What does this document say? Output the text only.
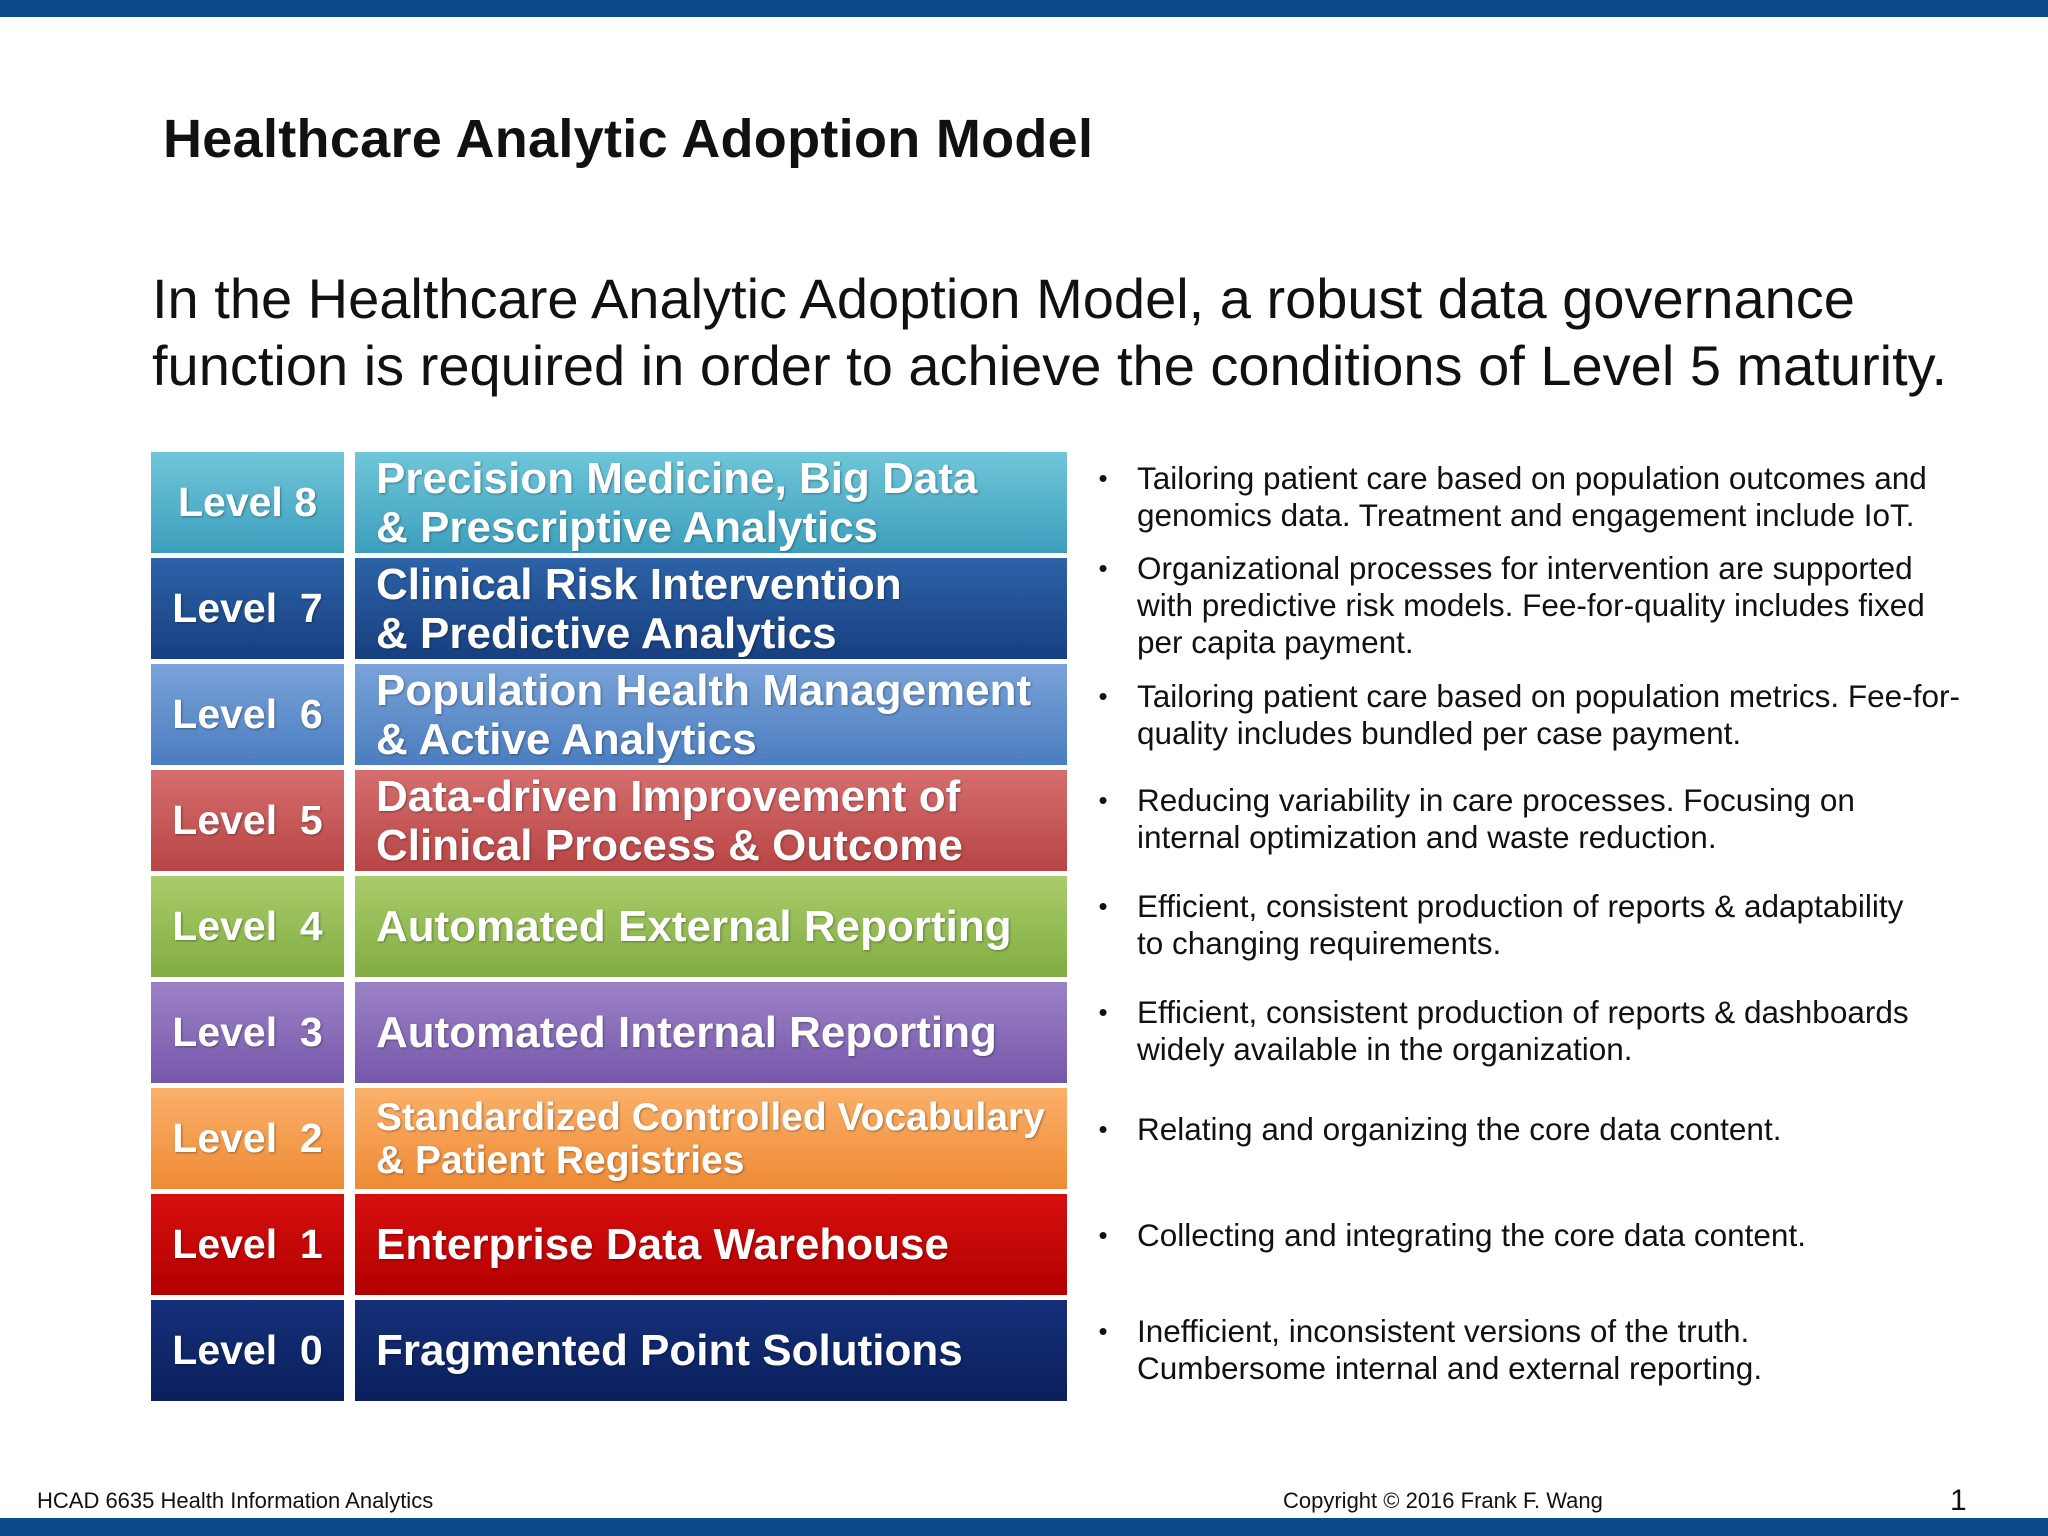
Healthcare Analytic Adoption Model
In the Healthcare Analytic Adoption Model, a robust data governance
function is required in order to achieve the conditions of Level 5 maturity.
Level 8	Precision Medicine, Big Data
& Prescriptive Analytics
Level  7	Clinical Risk Intervention
& Predictive Analytics
Level  6	Population Health Management
& Active Analytics
Level  5	Data-driven Improvement of
Clinical Process & Outcome
Level  4	Automated External Reporting
Level  3	Automated Internal Reporting
Level  2	Standardized Controlled Vocabulary
& Patient Registries
Level  1	Enterprise Data Warehouse
Level  0	Fragmented Point Solutions
• Tailoring patient care based on population outcomes and
genomics data. Treatment and engagement include IoT.
• Organizational processes for intervention are supported
with predictive risk models. Fee-for-quality includes fixed
per capita payment.
• Tailoring patient care based on population metrics. Fee-for-
quality includes bundled per case payment.
• Reducing variability in care processes. Focusing on
internal optimization and waste reduction.
• Efficient, consistent production of reports & adaptability
to changing requirements.
• Efficient, consistent production of reports & dashboards
widely available in the organization.
• Relating and organizing the core data content.
• Collecting and integrating the core data content.
• Inefficient, inconsistent versions of the truth.
Cumbersome internal and external reporting.
HCAD 6635 Health Information Analytics	Copyright © 2016 Frank F. Wang	1
